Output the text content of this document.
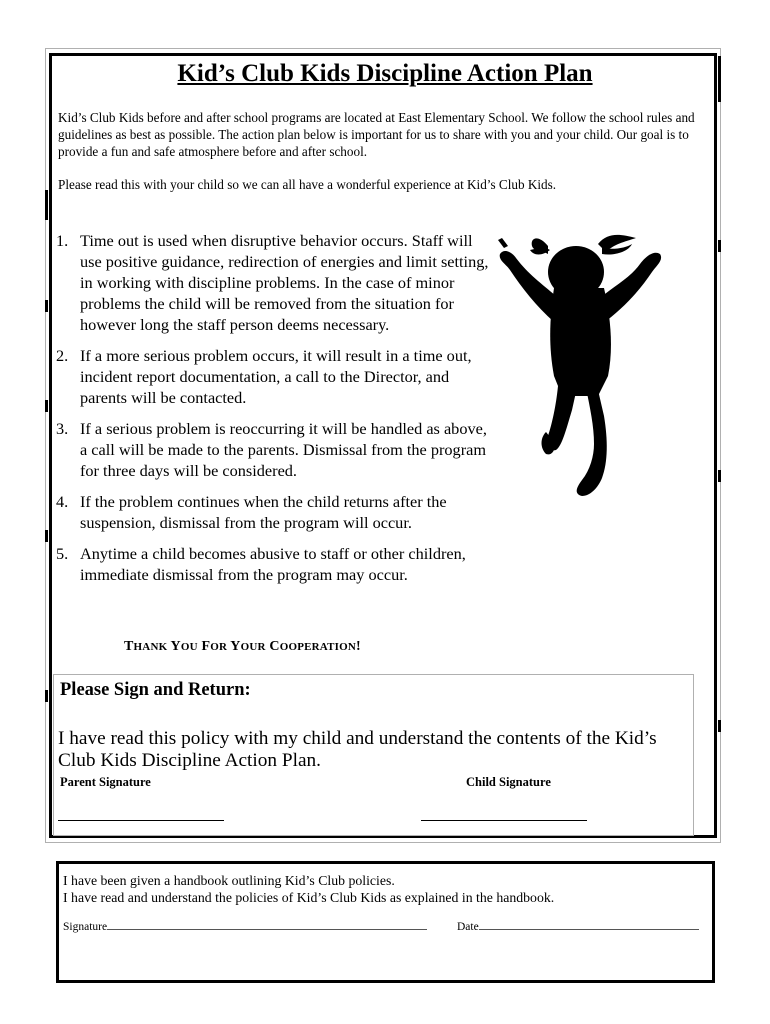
Kid’s Club Kids Discipline Action Plan

Kid’s Club Kids before and after school programs are located at East Elementary School. We follow the school rules and guidelines as best as possible. The action plan below is important for us to share with you and your child. Our goal is to provide a fun and safe atmosphere before and after school.

Please read this with your child so we can all have a wonderful experience at Kid’s Club Kids.

1. Time out is used when disruptive behavior occurs. Staff will use positive guidance, redirection of energies and limit setting, in working with discipline problems. In the case of minor problems the child will be removed from the situation for however long the staff person deems necessary.
2. If a more serious problem occurs, it will result in a time out, incident report documentation, a call to the Director, and parents will be contacted.
3. If a serious problem is reoccurring it will be handled as above, a call will be made to the parents. Dismissal from the program for three days will be considered.
4. If the problem continues when the child returns after the suspension, dismissal from the program will occur.
5. Anytime a child becomes abusive to staff or other children, immediate dismissal from the program may occur.

THANK YOU FOR YOUR COOPERATION!

Please Sign and Return:

I have read this policy with my child and understand the contents of the Kid’s Club Kids Discipline Action Plan.

Parent Signature	Child Signature

I have been given a handbook outlining Kid’s Club policies.

I have read and understand the policies of Kid’s Club Kids as explained in the handbook.

Signature	Date
